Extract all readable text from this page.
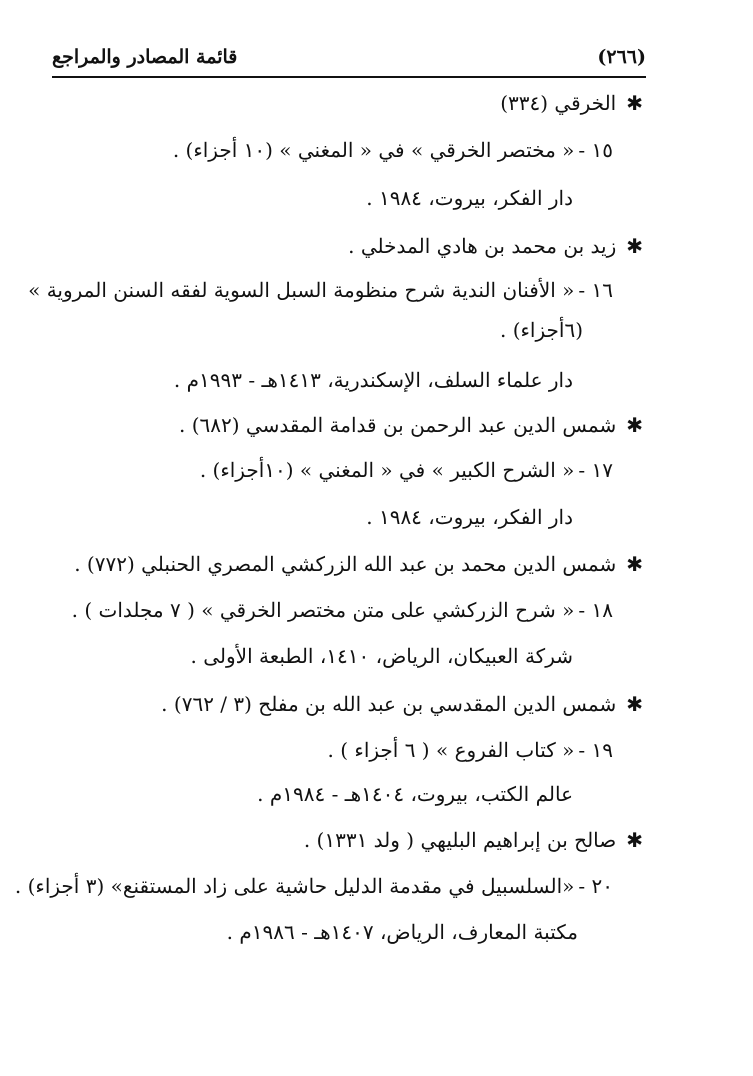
(٢٦٦)
قائمة المصادر والمراجع
✱الخرقي (٣٣٤)
١٥ -« مختصر الخرقي » في « المغني » (١٠ أجزاء) .
دار الفكر، بيروت، ١٩٨٤ .
✱زيد بن محمد بن هادي المدخلي .
١٦ -« الأفنان الندية شرح منظومة السبل السوية لفقه السنن المروية »
(٦أجزاء) .
دار علماء السلف، الإسكندرية، ١٤١٣هـ - ١٩٩٣م .
✱شمس الدين عبد الرحمن بن قدامة المقدسي (٦٨٢) .
١٧ -« الشرح الكبير » في « المغني » (١٠أجزاء) .
دار الفكر، بيروت، ١٩٨٤ .
✱شمس الدين محمد بن عبد الله الزركشي المصري الحنبلي (٧٧٢) .
١٨ -« شرح الزركشي على متن مختصر الخرقي » ( ٧ مجلدات ) .
شركة العبيكان، الرياض، ١٤١٠، الطبعة الأولى .
✱شمس الدين المقدسي بن عبد الله بن مفلح (٣ / ٧٦٢) .
١٩ -« كتاب الفروع » ( ٦ أجزاء ) .
عالم الكتب، بيروت، ١٤٠٤هـ - ١٩٨٤م .
✱صالح بن إبراهيم البليهي ( ولد ١٣٣١) .
٢٠ -«السلسبيل في مقدمة الدليل حاشية على زاد المستقنع» (٣ أجزاء) .
مكتبة المعارف، الرياض، ١٤٠٧هـ - ١٩٨٦م .
